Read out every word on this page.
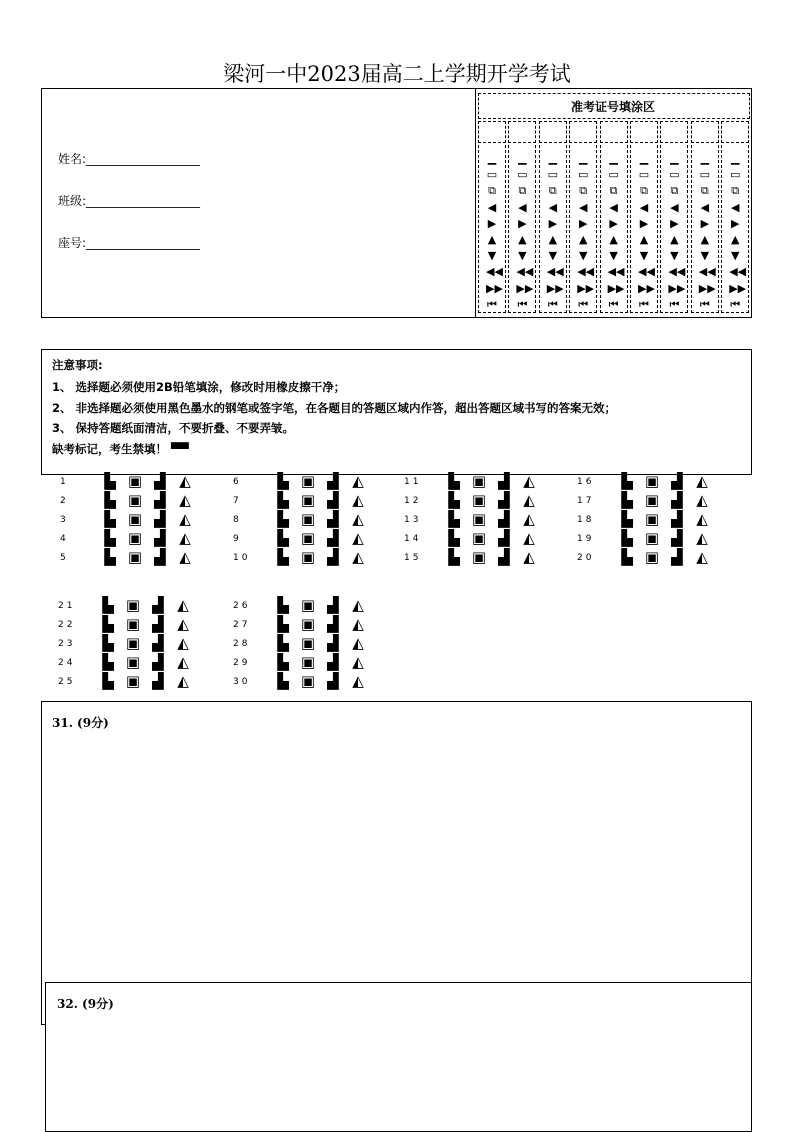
梁河一中2023届高二上学期开学考试
姓名:___________________
班级:___________________
座号:___________________
准考证号填涂区
▁
▭
⧉
◀
▶
▲
▼
◀◀
▶▶
⏮
▁
▭
⧉
◀
▶
▲
▼
◀◀
▶▶
⏮
▁
▭
⧉
◀
▶
▲
▼
◀◀
▶▶
⏮
▁
▭
⧉
◀
▶
▲
▼
◀◀
▶▶
⏮
▁
▭
⧉
◀
▶
▲
▼
◀◀
▶▶
⏮
▁
▭
⧉
◀
▶
▲
▼
◀◀
▶▶
⏮
▁
▭
⧉
◀
▶
▲
▼
◀◀
▶▶
⏮
▁
▭
⧉
◀
▶
▲
▼
◀◀
▶▶
⏮
▁
▭
⧉
◀
▶
▲
▼
◀◀
▶▶
⏮
注意事项:
1、 选择题必须使用2B铅笔填涂，修改时用橡皮擦干净；
2、 非选择题必须使用黑色墨水的钢笔或签字笔，在各题目的答题区域内作答，超出答题区域书写的答案无效；
3、 保持答题纸面清洁，不要折叠、不要弄皱。
缺考标记，考生禁填！ ▀▀
1	▙ ▣ ▟ ◭
2	▙ ▣ ▟ ◭
3	▙ ▣ ▟ ◭
4	▙ ▣ ▟ ◭
5	▙ ▣ ▟ ◭
6	▙ ▣ ▟ ◭
7	▙ ▣ ▟ ◭
8	▙ ▣ ▟ ◭
9	▙ ▣ ▟ ◭
10	▙ ▣ ▟ ◭
11	▙ ▣ ▟ ◭
12	▙ ▣ ▟ ◭
13	▙ ▣ ▟ ◭
14	▙ ▣ ▟ ◭
15	▙ ▣ ▟ ◭
16	▙ ▣ ▟ ◭
17	▙ ▣ ▟ ◭
18	▙ ▣ ▟ ◭
19	▙ ▣ ▟ ◭
20	▙ ▣ ▟ ◭
21	▙ ▣ ▟ ◭
22	▙ ▣ ▟ ◭
23	▙ ▣ ▟ ◭
24	▙ ▣ ▟ ◭
25	▙ ▣ ▟ ◭
26	▙ ▣ ▟ ◭
27	▙ ▣ ▟ ◭
28	▙ ▣ ▟ ◭
29	▙ ▣ ▟ ◭
30	▙ ▣ ▟ ◭
31. (9分)
32. (9分)
